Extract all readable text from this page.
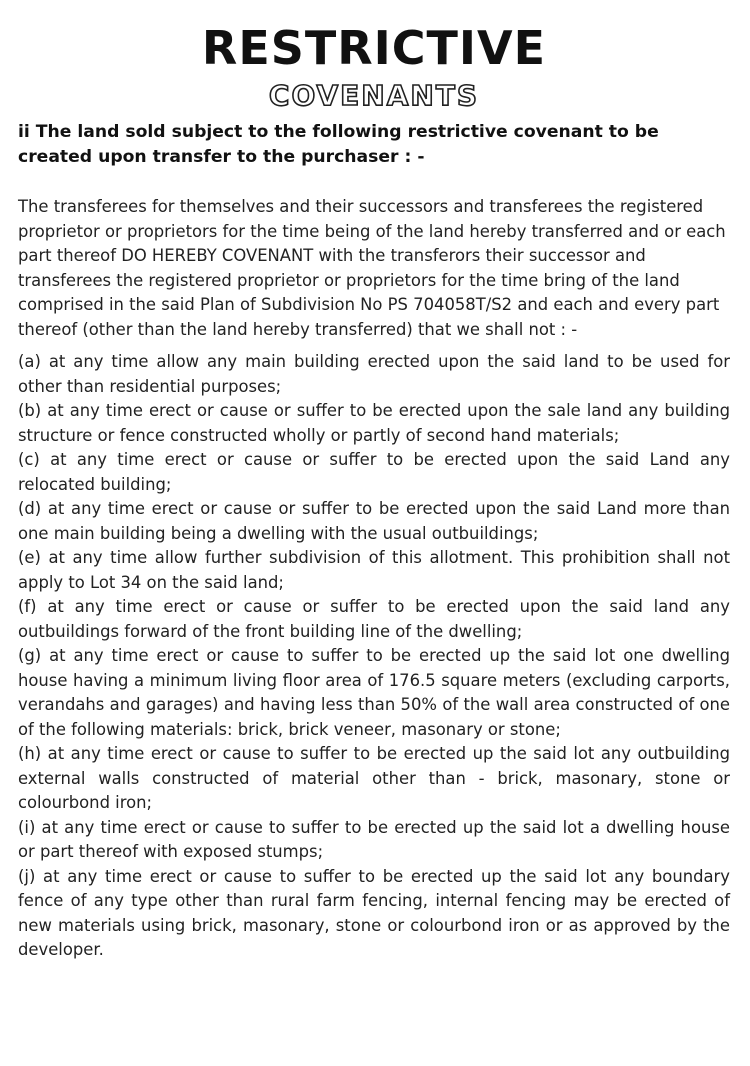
RESTRICTIVE
COVENANTS
ii The land sold subject to the following restrictive covenant to be created upon transfer to the purchaser : -
The transferees for themselves and their successors and transferees the registered proprietor or proprietors for the time being of the land hereby transferred and or each part thereof DO HEREBY COVENANT with the transferors their successor and transferees the registered proprietor or proprietors for the time bring of the land comprised in the said Plan of Subdivision No PS 704058T/S2 and each and every part thereof (other than the land hereby transferred) that we shall not : -
(a) at any time allow any main building erected upon the said land to be used for other than residential purposes;
(b) at any time erect or cause or suffer to be erected upon the sale land any building structure or fence constructed wholly or partly of second hand materials;
(c) at any time erect or cause or suffer to be erected upon the said Land any relocated building;
(d) at any time erect or cause or suffer to be erected upon the said Land more than one main building being a dwelling with the usual outbuildings;
(e) at any time allow further subdivision of this allotment. This prohibition shall not apply to Lot 34 on the said land;
(f) at any time erect or cause or suffer to be erected upon the said land any outbuildings forward of the front building line of the dwelling;
(g) at any time erect or cause to suffer to be erected up the said lot one dwelling house having a minimum living floor area of 176.5 square meters (excluding carports, verandahs and garages) and having less than 50% of the wall area constructed of one of the following materials: brick, brick veneer, masonary or stone;
(h) at any time erect or cause to suffer to be erected up the said lot any outbuilding external walls constructed of material other than - brick, masonary, stone or colourbond iron;
(i) at any time erect or cause to suffer to be erected up the said lot a dwelling house or part thereof with exposed stumps;
(j) at any time erect or cause to suffer to be erected up the said lot any boundary fence of any type other than rural farm fencing, internal fencing may be erected of new materials using brick, masonary, stone or colourbond iron or as approved by the developer.
